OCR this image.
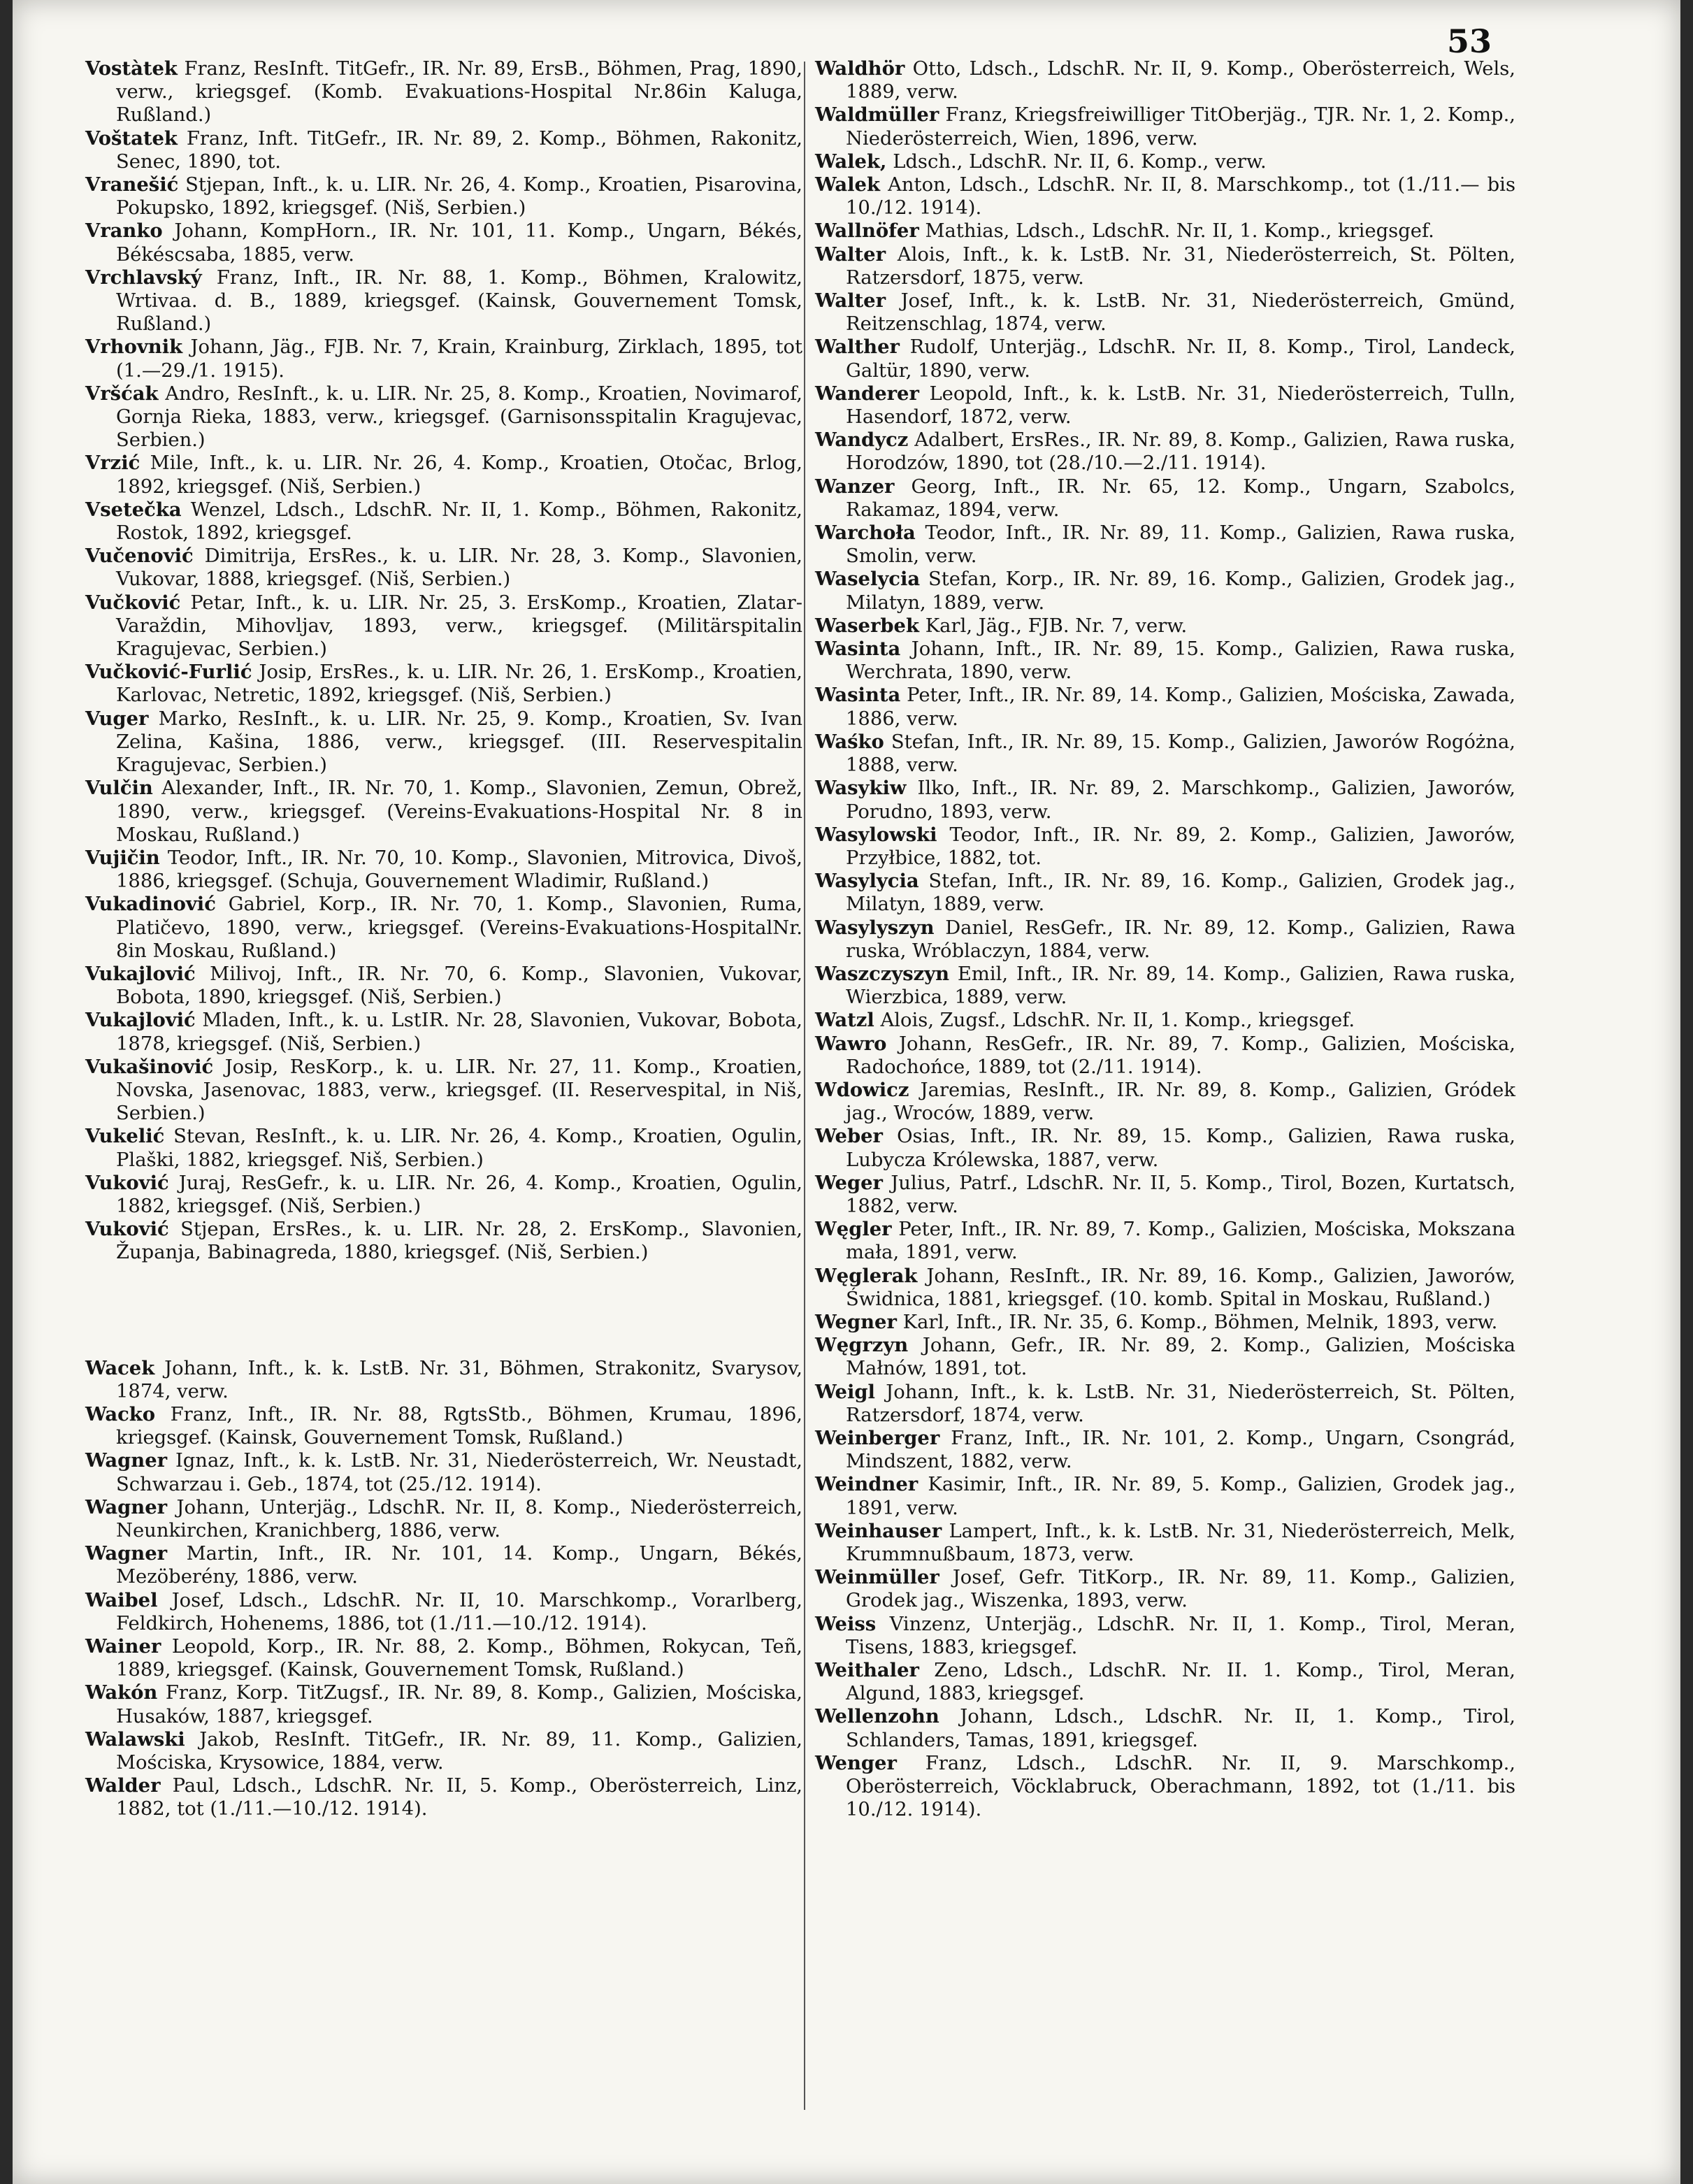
53

Vostàtek Franz, ResInft. TitGefr., IR. Nr. 89, ErsB., Böhmen, Prag, 1890, verw., kriegsgef. (Komb. Evakuations-Hospital Nr.86in Kaluga, Rußland.)

Voštatek Franz, Inft. TitGefr., IR. Nr. 89, 2. Komp., Böhmen, Rakonitz, Senec, 1890, tot.

Vranešić Stjepan, Inft., k. u. LIR. Nr. 26, 4. Komp., Kroatien, Pisarovina, Pokupsko, 1892, kriegsgef. (Niš, Serbien.)

Vranko Johann, KompHorn., IR. Nr. 101, 11. Komp., Ungarn, Békés, Békéscsaba, 1885, verw.

Vrchlavský Franz, Inft., IR. Nr. 88, 1. Komp., Böhmen, Kralowitz, Wrtivaa. d. B., 1889, kriegsgef. (Kainsk, Gouvernement Tomsk, Rußland.)

Vrhovnik Johann, Jäg., FJB. Nr. 7, Krain, Krainburg, Zirklach, 1895, tot (1.—29./1. 1915).

Vršćak Andro, ResInft., k. u. LIR. Nr. 25, 8. Komp., Kroatien, Novimarof, Gornja Rieka, 1883, verw., kriegsgef. (Garnisonsspitalin Kragujevac, Serbien.)

Vrzić Mile, Inft., k. u. LIR. Nr. 26, 4. Komp., Kroatien, Otočac, Brlog, 1892, kriegsgef. (Niš, Serbien.)

Vsetečka Wenzel, Ldsch., LdschR. Nr. II, 1. Komp., Böhmen, Rakonitz, Rostok, 1892, kriegsgef.

Vučenović Dimitrija, ErsRes., k. u. LIR. Nr. 28, 3. Komp., Slavonien, Vukovar, 1888, kriegsgef. (Niš, Serbien.)

Vučković Petar, Inft., k. u. LIR. Nr. 25, 3. ErsKomp., Kroatien, Zlatar-Varaždin, Mihovljav, 1893, verw., kriegsgef. (Militärspitalin Kragujevac, Serbien.)

Vučković-Furlić Josip, ErsRes., k. u. LIR. Nr. 26, 1. ErsKomp., Kroatien, Karlovac, Netretic, 1892, kriegsgef. (Niš, Serbien.)

Vuger Marko, ResInft., k. u. LIR. Nr. 25, 9. Komp., Kroatien, Sv. Ivan Zelina, Kašina, 1886, verw., kriegsgef. (III. Reservespitalin Kragujevac, Serbien.)

Vulčin Alexander, Inft., IR. Nr. 70, 1. Komp., Slavonien, Zemun, Obrež, 1890, verw., kriegsgef. (Vereins-Evakuations-Hospital Nr. 8 in Moskau, Rußland.)

Vujičin Teodor, Inft., IR. Nr. 70, 10. Komp., Slavonien, Mitrovica, Divoš, 1886, kriegsgef. (Schuja, Gouvernement Wladimir, Rußland.)

Vukadinović Gabriel, Korp., IR. Nr. 70, 1. Komp., Slavonien, Ruma, Platičevo, 1890, verw., kriegsgef. (Vereins-Evakuations-HospitalNr. 8in Moskau, Rußland.)

Vukajlović Milivoj, Inft., IR. Nr. 70, 6. Komp., Slavonien, Vukovar, Bobota, 1890, kriegsgef. (Niš, Serbien.)

Vukajlović Mladen, Inft., k. u. LstIR. Nr. 28, Slavonien, Vukovar, Bobota, 1878, kriegsgef. (Niš, Serbien.)

Vukašinović Josip, ResKorp., k. u. LIR. Nr. 27, 11. Komp., Kroatien, Novska, Jasenovac, 1883, verw., kriegsgef. (II. Reservespital, in Niš, Serbien.)

Vukelić Stevan, ResInft., k. u. LIR. Nr. 26, 4. Komp., Kroatien, Ogulin, Plaški, 1882, kriegsgef. Niš, Serbien.)

Vuković Juraj, ResGefr., k. u. LIR. Nr. 26, 4. Komp., Kroatien, Ogulin, 1882, kriegsgef. (Niš, Serbien.)

Vuković Stjepan, ErsRes., k. u. LIR. Nr. 28, 2. ErsKomp., Slavonien, Županja, Babinagreda, 1880, kriegsgef. (Niš, Serbien.)

Wacek Johann, Inft., k. k. LstB. Nr. 31, Böhmen, Strakonitz, Svarysov, 1874, verw.

Wacko Franz, Inft., IR. Nr. 88, RgtsStb., Böhmen, Krumau, 1896, kriegsgef. (Kainsk, Gouvernement Tomsk, Rußland.)

Wagner Ignaz, Inft., k. k. LstB. Nr. 31, Niederösterreich, Wr. Neustadt, Schwarzau i. Geb., 1874, tot (25./12. 1914).

Wagner Johann, Unterjäg., LdschR. Nr. II, 8. Komp., Niederösterreich, Neunkirchen, Kranichberg, 1886, verw.

Wagner Martin, Inft., IR. Nr. 101, 14. Komp., Ungarn, Békés, Mezöberény, 1886, verw.

Waibel Josef, Ldsch., LdschR. Nr. II, 10. Marschkomp., Vorarlberg, Feldkirch, Hohenems, 1886, tot (1./11.—10./12. 1914).

Wainer Leopold, Korp., IR. Nr. 88, 2. Komp., Böhmen, Rokycan, Teñ, 1889, kriegsgef. (Kainsk, Gouvernement Tomsk, Rußland.)

Wakón Franz, Korp. TitZugsf., IR. Nr. 89, 8. Komp., Galizien, Mościska, Husaków, 1887, kriegsgef.

Walawski Jakob, ResInft. TitGefr., IR. Nr. 89, 11. Komp., Galizien, Mościska, Krysowice, 1884, verw.

Walder Paul, Ldsch., LdschR. Nr. II, 5. Komp., Oberösterreich, Linz, 1882, tot (1./11.—10./12. 1914).

Waldhör Otto, Ldsch., LdschR. Nr. II, 9. Komp., Oberösterreich, Wels, 1889, verw.

Waldmüller Franz, Kriegsfreiwilliger TitOberjäg., TJR. Nr. 1, 2. Komp., Niederösterreich, Wien, 1896, verw.

Walek, Ldsch., LdschR. Nr. II, 6. Komp., verw.

Walek Anton, Ldsch., LdschR. Nr. II, 8. Marschkomp., tot (1./11.— bis 10./12. 1914).

Wallnöfer Mathias, Ldsch., LdschR. Nr. II, 1. Komp., kriegsgef.

Walter Alois, Inft., k. k. LstB. Nr. 31, Niederösterreich, St. Pölten, Ratzersdorf, 1875, verw.

Walter Josef, Inft., k. k. LstB. Nr. 31, Niederösterreich, Gmünd, Reitzenschlag, 1874, verw.

Walther Rudolf, Unterjäg., LdschR. Nr. II, 8. Komp., Tirol, Landeck, Galtür, 1890, verw.

Wanderer Leopold, Inft., k. k. LstB. Nr. 31, Niederösterreich, Tulln, Hasendorf, 1872, verw.

Wandycz Adalbert, ErsRes., IR. Nr. 89, 8. Komp., Galizien, Rawa ruska, Horodzów, 1890, tot (28./10.—2./11. 1914).

Wanzer Georg, Inft., IR. Nr. 65, 12. Komp., Ungarn, Szabolcs, Rakamaz, 1894, verw.

Warchoła Teodor, Inft., IR. Nr. 89, 11. Komp., Galizien, Rawa ruska, Smolin, verw.

Waselycia Stefan, Korp., IR. Nr. 89, 16. Komp., Galizien, Grodek jag., Milatyn, 1889, verw.

Waserbek Karl, Jäg., FJB. Nr. 7, verw.

Wasinta Johann, Inft., IR. Nr. 89, 15. Komp., Galizien, Rawa ruska, Werchrata, 1890, verw.

Wasinta Peter, Inft., IR. Nr. 89, 14. Komp., Galizien, Mościska, Zawada, 1886, verw.

Waśko Stefan, Inft., IR. Nr. 89, 15. Komp., Galizien, Jaworów Rogóżna, 1888, verw.

Wasykiw Ilko, Inft., IR. Nr. 89, 2. Marschkomp., Galizien, Jaworów, Porudno, 1893, verw.

Wasylowski Teodor, Inft., IR. Nr. 89, 2. Komp., Galizien, Jaworów, Przyłbice, 1882, tot.

Wasylycia Stefan, Inft., IR. Nr. 89, 16. Komp., Galizien, Grodek jag., Milatyn, 1889, verw.

Wasylyszyn Daniel, ResGefr., IR. Nr. 89, 12. Komp., Galizien, Rawa ruska, Wróblaczyn, 1884, verw.

Waszczyszyn Emil, Inft., IR. Nr. 89, 14. Komp., Galizien, Rawa ruska, Wierzbica, 1889, verw.

Watzl Alois, Zugsf., LdschR. Nr. II, 1. Komp., kriegsgef.

Wawro Johann, ResGefr., IR. Nr. 89, 7. Komp., Galizien, Mościska, Radochońce, 1889, tot (2./11. 1914).

Wdowicz Jaremias, ResInft., IR. Nr. 89, 8. Komp., Galizien, Gródek jag., Wroców, 1889, verw.

Weber Osias, Inft., IR. Nr. 89, 15. Komp., Galizien, Rawa ruska, Lubycza Królewska, 1887, verw.

Weger Julius, Patrf., LdschR. Nr. II, 5. Komp., Tirol, Bozen, Kurtatsch, 1882, verw.

Węgler Peter, Inft., IR. Nr. 89, 7. Komp., Galizien, Mościska, Mokszana mała, 1891, verw.

Węglerak Johann, ResInft., IR. Nr. 89, 16. Komp., Galizien, Jaworów, Świdnica, 1881, kriegsgef. (10. komb. Spital in Moskau, Rußland.)

Wegner Karl, Inft., IR. Nr. 35, 6. Komp., Böhmen, Melnik, 1893, verw.

Węgrzyn Johann, Gefr., IR. Nr. 89, 2. Komp., Galizien, Mościska Małnów, 1891, tot.

Weigl Johann, Inft., k. k. LstB. Nr. 31, Niederösterreich, St. Pölten, Ratzersdorf, 1874, verw.

Weinberger Franz, Inft., IR. Nr. 101, 2. Komp., Ungarn, Csongrád, Mindszent, 1882, verw.

Weindner Kasimir, Inft., IR. Nr. 89, 5. Komp., Galizien, Grodek jag., 1891, verw.

Weinhauser Lampert, Inft., k. k. LstB. Nr. 31, Niederösterreich, Melk, Krummnußbaum, 1873, verw.

Weinmüller Josef, Gefr. TitKorp., IR. Nr. 89, 11. Komp., Galizien, Grodek jag., Wiszenka, 1893, verw.

Weiss Vinzenz, Unterjäg., LdschR. Nr. II, 1. Komp., Tirol, Meran, Tisens, 1883, kriegsgef.

Weithaler Zeno, Ldsch., LdschR. Nr. II. 1. Komp., Tirol, Meran, Algund, 1883, kriegsgef.

Wellenzohn Johann, Ldsch., LdschR. Nr. II, 1. Komp., Tirol, Schlanders, Tamas, 1891, kriegsgef.

Wenger Franz, Ldsch., LdschR. Nr. II, 9. Marschkomp., Oberösterreich, Vöcklabruck, Oberachmann, 1892, tot (1./11. bis 10./12. 1914).
